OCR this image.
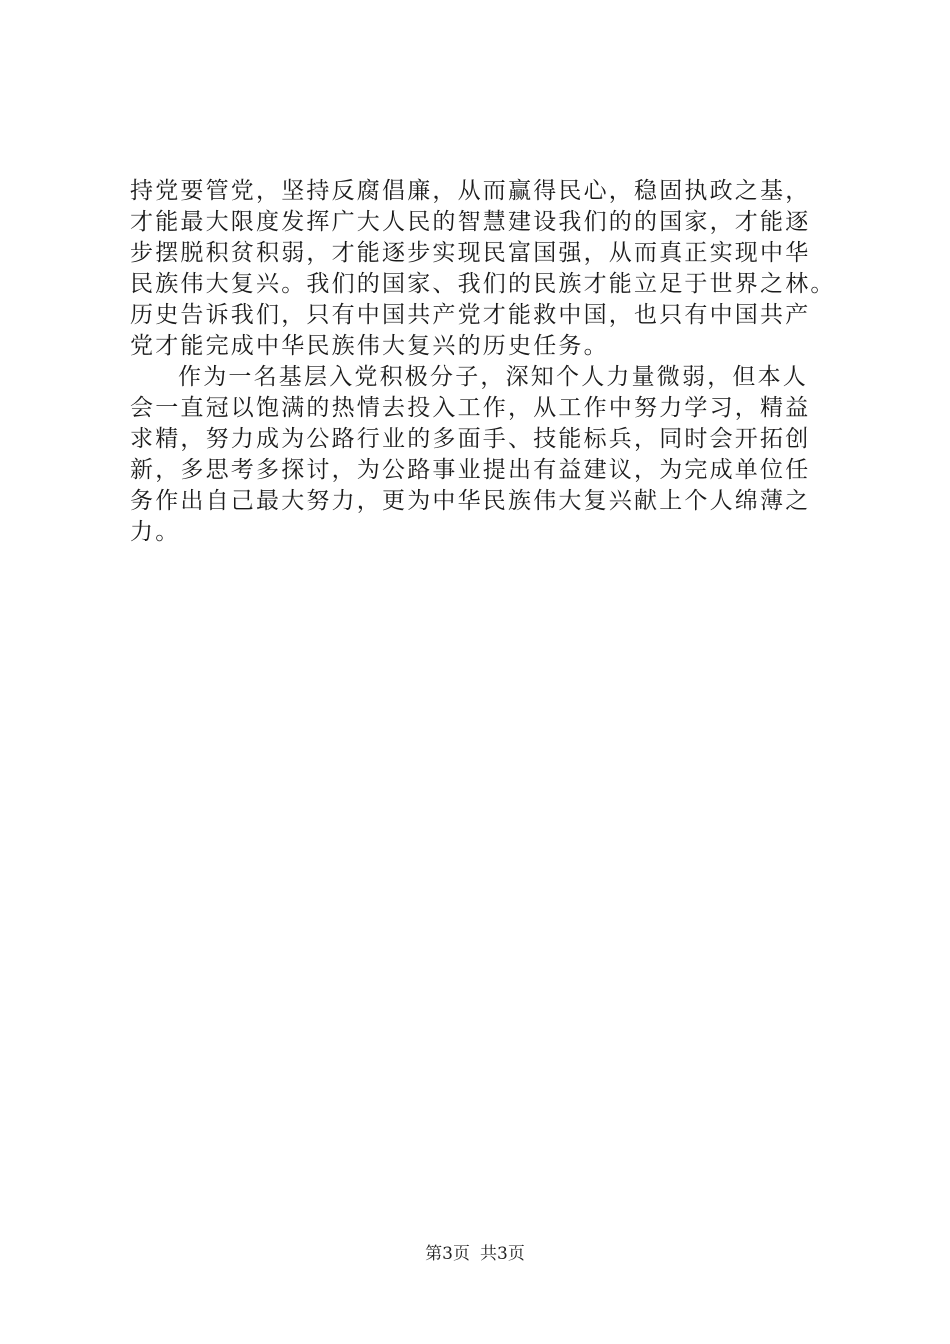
持党要管党，坚持反腐倡廉，从而赢得民心，稳固执政之基，
才能最大限度发挥广大人民的智慧建设我们的的国家，才能逐
步摆脱积贫积弱，才能逐步实现民富国强，从而真正实现中华
民族伟大复兴。我们的国家、我们的民族才能立足于世界之林。
历史告诉我们，只有中国共产党才能救中国，也只有中国共产
党才能完成中华民族伟大复兴的历史任务。
作为一名基层入党积极分子，深知个人力量微弱，但本人
会一直冠以饱满的热情去投入工作，从工作中努力学习，精益
求精，努力成为公路行业的多面手、技能标兵，同时会开拓创
新，多思考多探讨，为公路事业提出有益建议，为完成单位任
务作出自己最大努力，更为中华民族伟大复兴献上个人绵薄之
力。
第3页 共3页
